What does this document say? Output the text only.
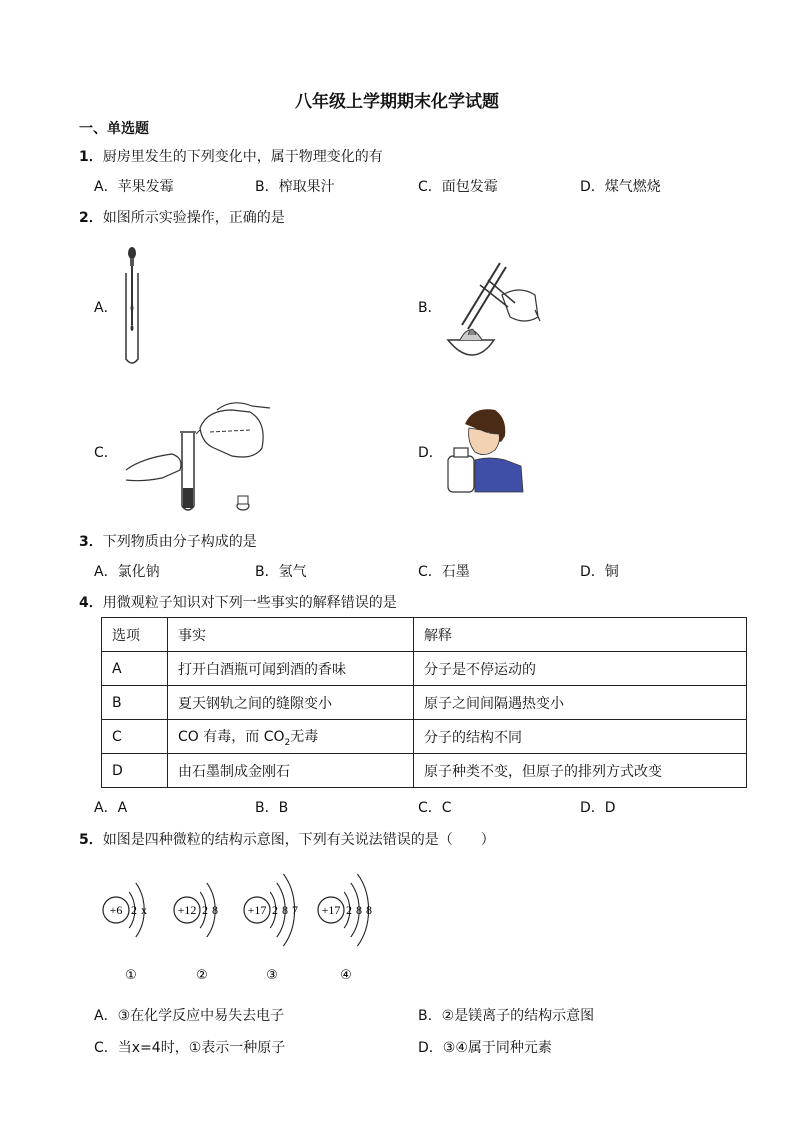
八年级上学期期末化学试题
一、单选题
1．厨房里发生的下列变化中，属于物理变化的有
A．苹果发霉	B．榨取果汁	C．面包发霉	D．煤气燃烧
2．如图所示实验操作，正确的是
A．	B．
C．	D．
3．下列物质由分子构成的是
A．氯化钠	B．氢气	C．石墨	D．铜
4．用微观粒子知识对下列一些事实的解释错误的是
选项	事实	解释
A	打开白酒瓶可闻到酒的香味	分子是不停运动的
B	夏天钢轨之间的缝隙变小	原子之间间隔遇热变小
C	CO 有毒，而 $CO_2$无毒	分子的结构不同
D	由石墨制成金刚石	原子种类不变，但原子的排列方式改变
A．A	B．B	C．C	D．D
5．如图是四种微粒的结构示意图，下列有关说法错误的是（　　）
+6 2 x
①
+12 2 8
②
+17 2 8 7
③
+17 2 8 8
④
A．③在化学反应中易失去电子	B．②是镁离子的结构示意图
C．当x=4时，①表示一种原子	D．③④属于同种元素
